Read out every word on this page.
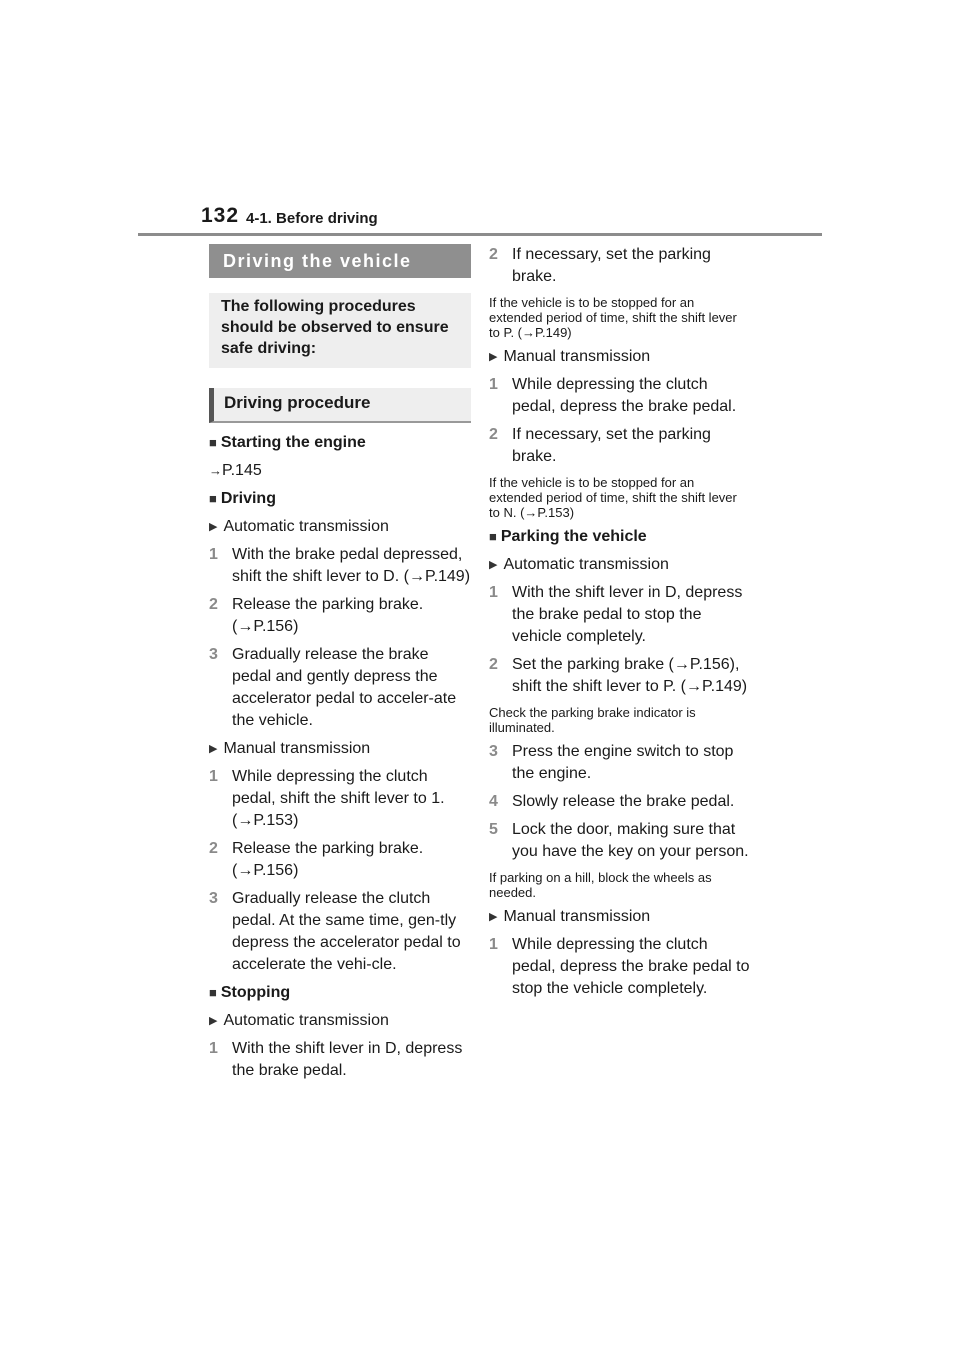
132 4-1. Before driving
Driving the vehicle
The following procedures should be observed to ensure safe driving:
Driving procedure
■ Starting the engine
→P.145
■ Driving
▶ Automatic transmission
1 With the brake pedal depressed, shift the shift lever to D. (→P.149)
2 Release the parking brake. (→P.156)
3 Gradually release the brake pedal and gently depress the accelerator pedal to acceler-ate the vehicle.
▶ Manual transmission
1 While depressing the clutch pedal, shift the shift lever to 1. (→P.153)
2 Release the parking brake. (→P.156)
3 Gradually release the clutch pedal. At the same time, gen-tly depress the accelerator pedal to accelerate the vehi-cle.
■ Stopping
▶ Automatic transmission
1 With the shift lever in D, depress the brake pedal.
2 If necessary, set the parking brake.
If the vehicle is to be stopped for an extended period of time, shift the shift lever to P. (→P.149)
▶ Manual transmission
1 While depressing the clutch pedal, depress the brake pedal.
2 If necessary, set the parking brake.
If the vehicle is to be stopped for an extended period of time, shift the shift lever to N. (→P.153)
■ Parking the vehicle
▶ Automatic transmission
1 With the shift lever in D, depress the brake pedal to stop the vehicle completely.
2 Set the parking brake (→P.156), shift the shift lever to P. (→P.149)
Check the parking brake indicator is illuminated.
3 Press the engine switch to stop the engine.
4 Slowly release the brake pedal.
5 Lock the door, making sure that you have the key on your person.
If parking on a hill, block the wheels as needed.
▶ Manual transmission
1 While depressing the clutch pedal, depress the brake pedal to stop the vehicle completely.
